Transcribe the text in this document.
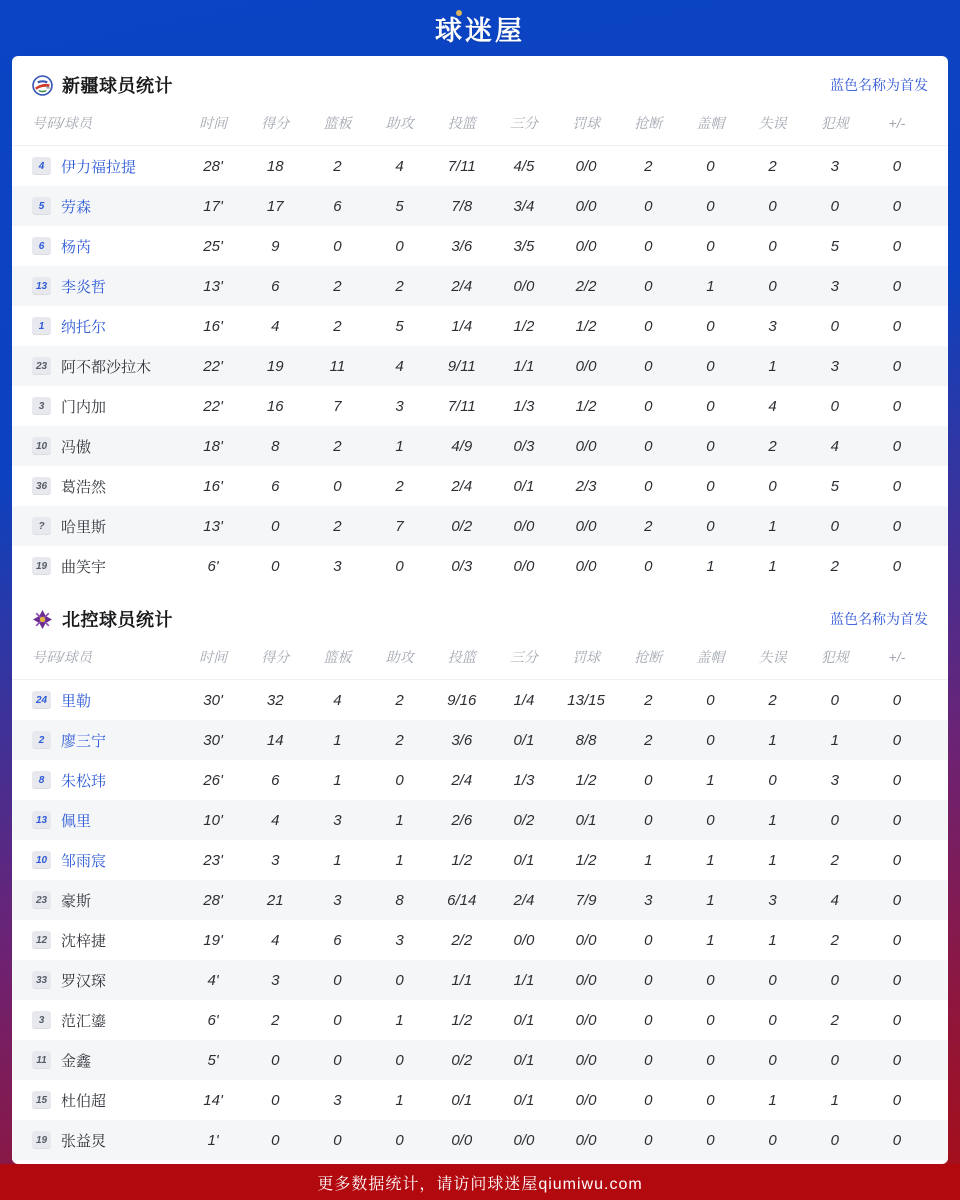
球迷屋
新疆球员统计	蓝色名称为首发
号码/球员	时间	得分	篮板	助攻	投篮	三分	罚球	抢断	盖帽	失误	犯规	+/-
4 伊力福拉提	28'	18	2	4	7/11	4/5	0/0	2	0	2	3	0
5 劳森	17'	17	6	5	7/8	3/4	0/0	0	0	0	0	0
6 杨芮	25'	9	0	0	3/6	3/5	0/0	0	0	0	5	0
13 李炎哲	13'	6	2	2	2/4	0/0	2/2	0	1	0	3	0
1 纳托尔	16'	4	2	5	1/4	1/2	1/2	0	0	3	0	0
23 阿不都沙拉木	22'	19	11	4	9/11	1/1	0/0	0	0	1	3	0
3 门内加	22'	16	7	3	7/11	1/3	1/2	0	0	4	0	0
10 冯傲	18'	8	2	1	4/9	0/3	0/0	0	0	2	4	0
36 葛浩然	16'	6	0	2	2/4	0/1	2/3	0	0	0	5	0
? 哈里斯	13'	0	2	7	0/2	0/0	0/0	2	0	1	0	0
19 曲笑宇	6'	0	3	0	0/3	0/0	0/0	0	1	1	2	0
北控球员统计	蓝色名称为首发
号码/球员	时间	得分	篮板	助攻	投篮	三分	罚球	抢断	盖帽	失误	犯规	+/-
24 里勒	30'	32	4	2	9/16	1/4	13/15	2	0	2	0	0
2 廖三宁	30'	14	1	2	3/6	0/1	8/8	2	0	1	1	0
8 朱松玮	26'	6	1	0	2/4	1/3	1/2	0	1	0	3	0
13 佩里	10'	4	3	1	2/6	0/2	0/1	0	0	1	0	0
10 邹雨宸	23'	3	1	1	1/2	0/1	1/2	1	1	1	2	0
23 豪斯	28'	21	3	8	6/14	2/4	7/9	3	1	3	4	0
12 沈梓捷	19'	4	6	3	2/2	0/0	0/0	0	1	1	2	0
33 罗汉琛	4'	3	0	0	1/1	1/1	0/0	0	0	0	0	0
3 范汇鎏	6'	2	0	1	1/2	0/1	0/0	0	0	0	2	0
11 金鑫	5'	0	0	0	0/2	0/1	0/0	0	0	0	0	0
15 杜伯超	14'	0	3	1	0/1	0/1	0/0	0	0	1	1	0
19 张益炅	1'	0	0	0	0/0	0/0	0/0	0	0	0	0	0
更多数据统计，请访问球迷屋qiumiwu.com
